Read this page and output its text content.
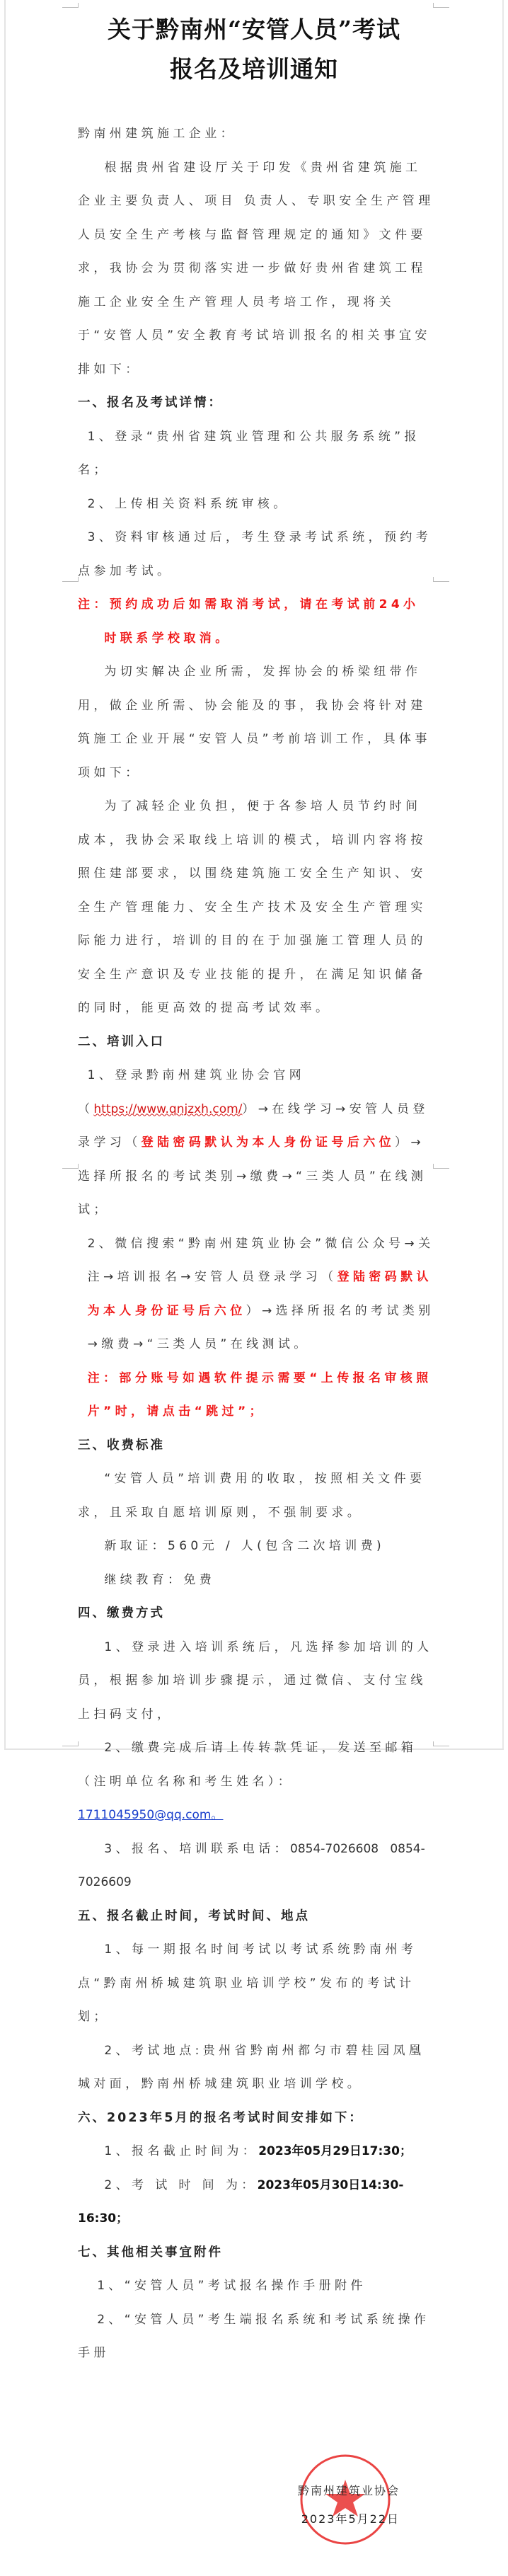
关于黔南州“安管人员”考试
报名及培训通知

黔南州建筑施工企业：

根据贵州省建设厅关于印发《贵州省建筑施工企业主要负责人、项目 负责人、专职安全生产管理人员安全生产考核与监督管理规定的通知》文件要求，我协会为贯彻落实进一步做好贵州省建筑工程施工企业安全生产管理人员考培工作，现将关于“安管人员”安全教育考试培训报名的相关事宜安排如下：

一、报名及考试详情：

1、登录“贵州省建筑业管理和公共服务系统”报名；

2、上传相关资料系统审核。

3、资料审核通过后，考生登录考试系统，预约考点参加考试。

注：预约成功后如需取消考试，请在考试前24小时联系学校取消。

为切实解决企业所需，发挥协会的桥梁纽带作用，做企业所需、协会能及的事，我协会将针对建筑施工企业开展“安管人员”考前培训工作，具体事项如下：

为了减轻企业负担，便于各参培人员节约时间成本，我协会采取线上培训的模式，培训内容将按照住建部要求，以围绕建筑施工安全生产知识、安全生产管理能力、安全生产技术及安全生产管理实际能力进行，培训的目的在于加强施工管理人员的安全生产意识及专业技能的提升，在满足知识储备的同时，能更高效的提高考试效率。

二、培训入口

1、登录黔南州建筑业协会官网（https://www.qnjzxh.com/）→在线学习→安管人员登录学习（登陆密码默认为本人身份证号后六位）→选择所报名的考试类别→缴费→“三类人员”在线测试；

2、微信搜索“黔南州建筑业协会”微信公众号→关注→培训报名→安管人员登录学习（登陆密码默认为本人身份证号后六位）→选择所报名的考试类别→缴费→“三类人员”在线测试。

注：部分账号如遇软件提示需要“上传报名审核照片”时，请点击“跳过”；

三、收费标准

“安管人员”培训费用的收取，按照相关文件要求，且采取自愿培训原则，不强制要求。

新取证：560元 / 人(包含二次培训费)

继续教育：免费

四、缴费方式

1、登录进入培训系统后，凡选择参加培训的人员，根据参加培训步骤提示，通过微信、支付宝线上扫码支付，

2、缴费完成后请上传转款凭证，发送至邮箱（注明单位名称和考生姓名）：1711045950@qq.com。

3、报名、培训联系电话：0854-7026608 0854-7026609

五、报名截止时间，考试时间、地点

1、每一期报名时间考试以考试系统黔南州考点“黔南州桥城建筑职业培训学校”发布的考试计划；

2、考试地点:贵州省黔南州都匀市碧桂园凤凰城对面，黔南州桥城建筑职业培训学校。

六、2023年5月的报名考试时间安排如下：

1、报名截止时间为：2023年05月29日17:30；

2、考 试 时 间 为：2023年05月30日14:30-16:30；

七、其他相关事宜附件

1、“安管人员”考试报名操作手册附件

2、“安管人员”考生端报名系统和考试系统操作手册

黔南州建筑业协会
2023年5月22日
